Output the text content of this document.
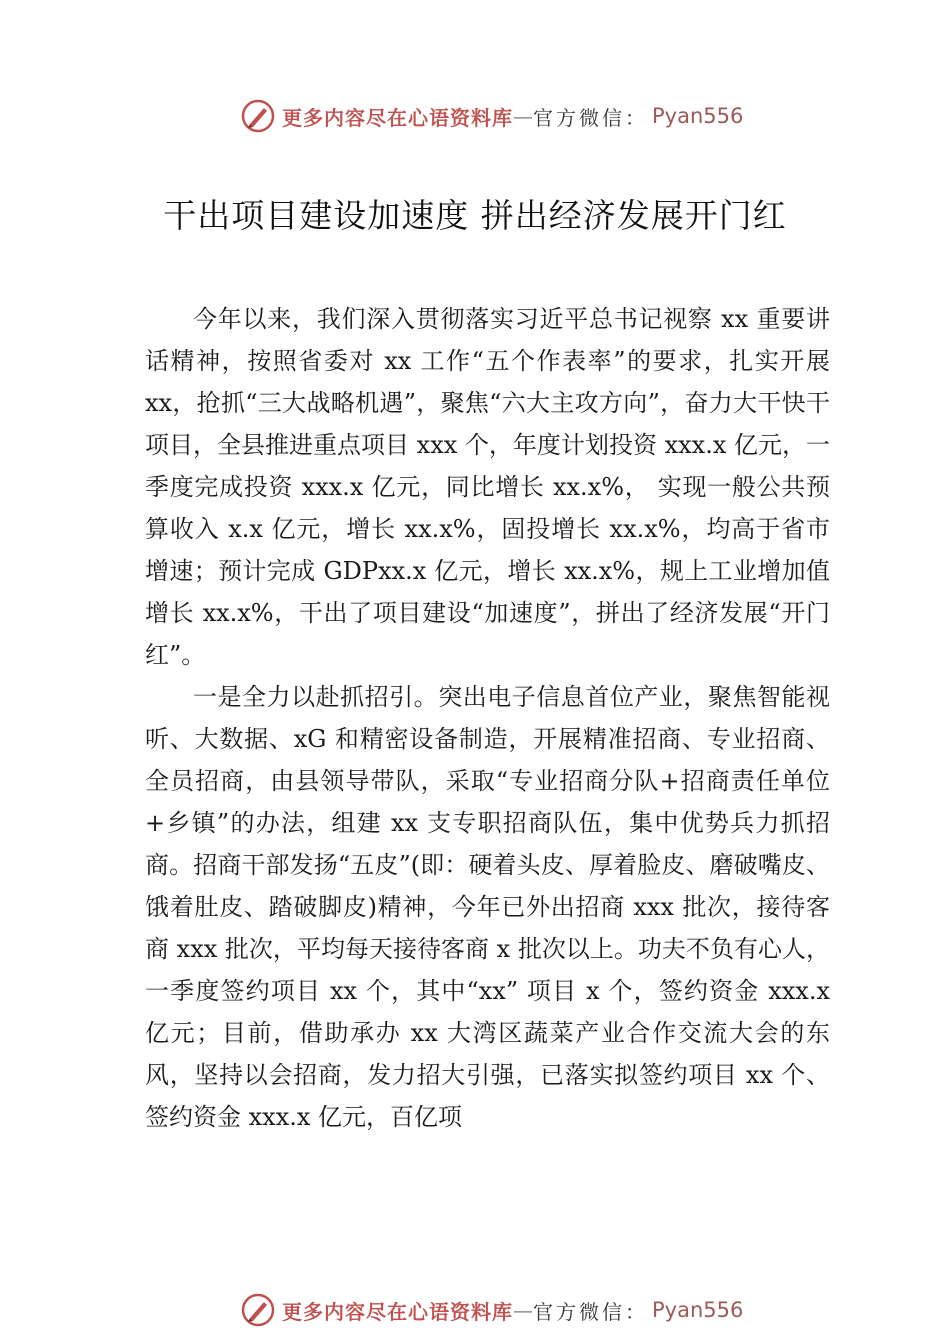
更多内容尽在心语资料库 — 官方微信： Pyan556
干出项目建设加速度 拼出经济发展开门红

今年以来，我们深入贯彻落实习近平总书记视察 xx 重要讲话精神，按照省委对 xx 工作“五个作表率”的要求，扎实开展 xx，抢抓“三大战略机遇”，聚焦“六大主攻方向”，奋力大干快干项目，全县推进重点项目 xxx 个，年度计划投资 xxx.x 亿元，一季度完成投资 xxx.x 亿元，同比增长 xx.x%， 实现一般公共预算收入 x.x 亿元，增长 xx.x%，固投增长 xx.x%，均高于省市增速；预计完成 GDPxx.x 亿元，增长 xx.x%，规上工业增加值增长 xx.x%，干出了项目建设“加速度”，拼出了经济发展“开门红”。

一是全力以赴抓招引。突出电子信息首位产业，聚焦智能视听、大数据、xG 和精密设备制造，开展精准招商、专业招商、全员招商，由县领导带队，采取“专业招商分队+招商责任单位+乡镇”的办法，组建 xx 支专职招商队伍，集中优势兵力抓招商。招商干部发扬“五皮”(即：硬着头皮、厚着脸皮、磨破嘴皮、饿着肚皮、踏破脚皮)精神，今年已外出招商 xxx 批次，接待客商 xxx 批次，平均每天接待客商 x 批次以上。功夫不负有心人，一季度签约项目 xx 个，其中“xx” 项目 x 个，签约资金 xxx.x 亿元；目前，借助承办 xx 大湾区蔬菜产业合作交流大会的东风，坚持以会招商，发力招大引强，已落实拟签约项目 xx 个、签约资金 xxx.x 亿元，百亿项

更多内容尽在心语资料库 — 官方微信： Pyan556
